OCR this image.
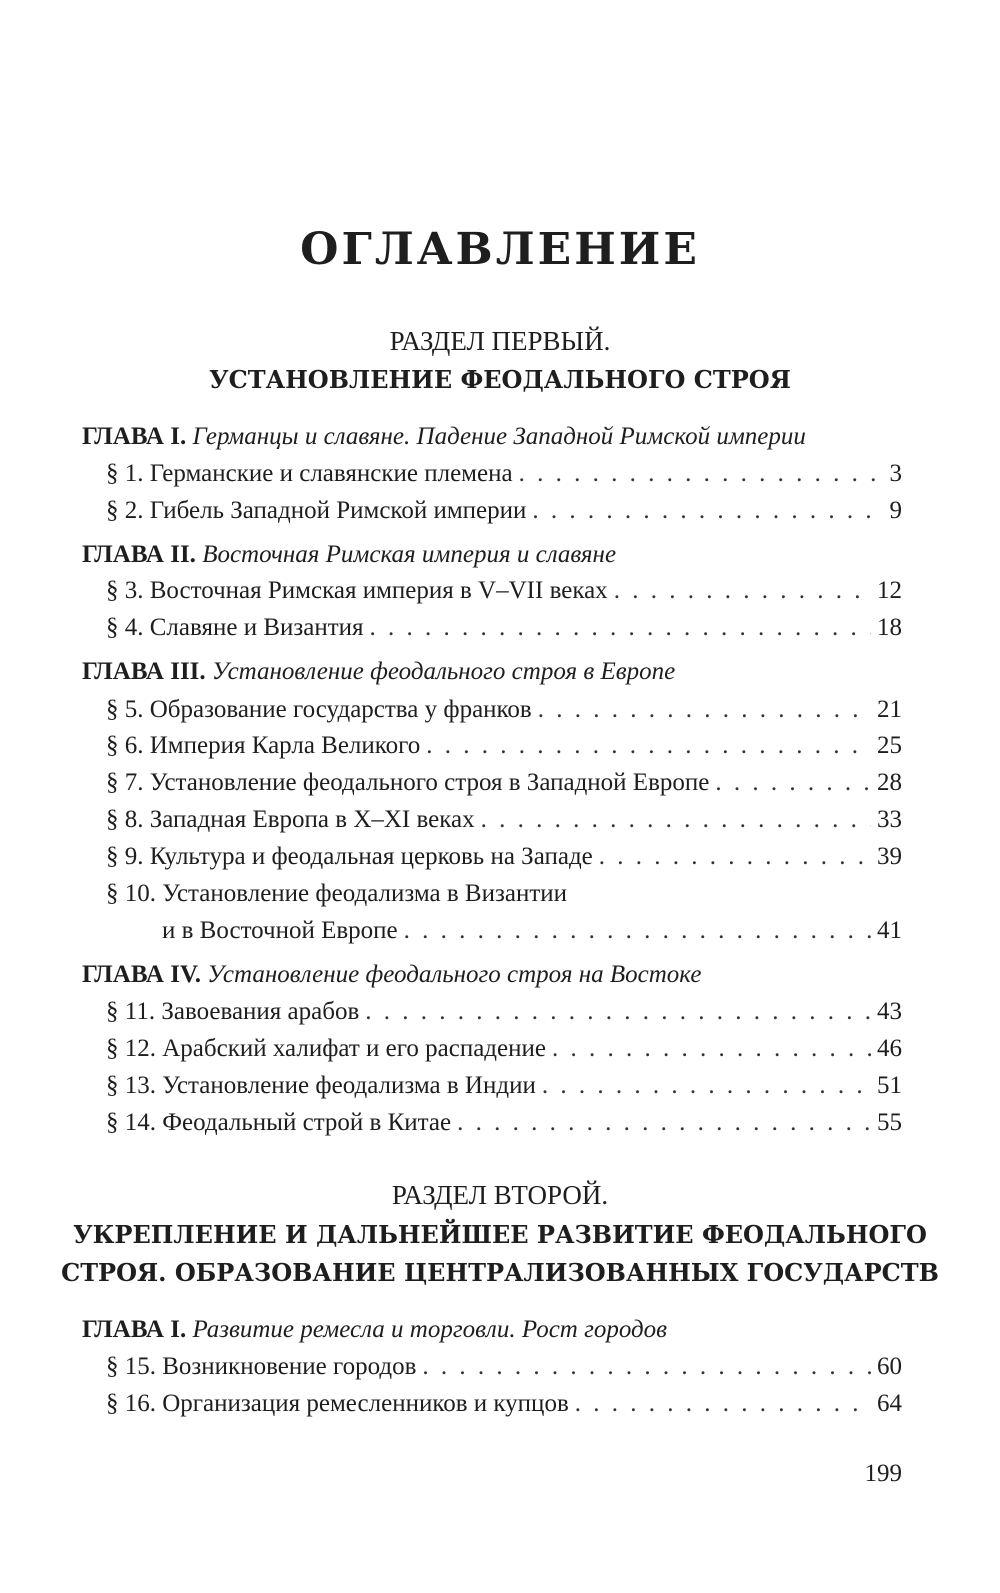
ОГЛАВЛЕНИЕ
РАЗДЕЛ ПЕРВЫЙ.
УСТАНОВЛЕНИЕ ФЕОДАЛЬНОГО СТРОЯ
ГЛАВА I. Германцы и славяне. Падение Западной Римской империи
§ 1. Германские и славянские племена . . .	3
§ 2. Гибель Западной Римской империи . . .	9
ГЛАВА II. Восточная Римская империя и славяне
§ 3. Восточная Римская империя в V–VII веках . . .	12
§ 4. Славяне и Византия . . .	18
ГЛАВА III. Установление феодального строя в Европе
§ 5. Образование государства у франков . . .	21
§ 6. Империя Карла Великого . . .	25
§ 7. Установление феодального строя в Западной Европе . . .	28
§ 8. Западная Европа в X–XI веках . . .	33
§ 9. Культура и феодальная церковь на Западе . . .	39
§ 10. Установление феодализма в Византии
и в Восточной Европе . . .	41
ГЛАВА IV. Установление феодального строя на Востоке
§ 11. Завоевания арабов . . .	43
§ 12. Арабский халифат и его распадение . . .	46
§ 13. Установление феодализма в Индии . . .	51
§ 14. Феодальный строй в Китае . . .	55
РАЗДЕЛ ВТОРОЙ.
УКРЕПЛЕНИЕ И ДАЛЬНЕЙШЕЕ РАЗВИТИЕ ФЕОДАЛЬНОГО
СТРОЯ. ОБРАЗОВАНИЕ ЦЕНТРАЛИЗОВАННЫХ ГОСУДАРСТВ
ГЛАВА I. Развитие ремесла и торговли. Рост городов
§ 15. Возникновение городов . . .	60
§ 16. Организация ремесленников и купцов . . .	64
199
